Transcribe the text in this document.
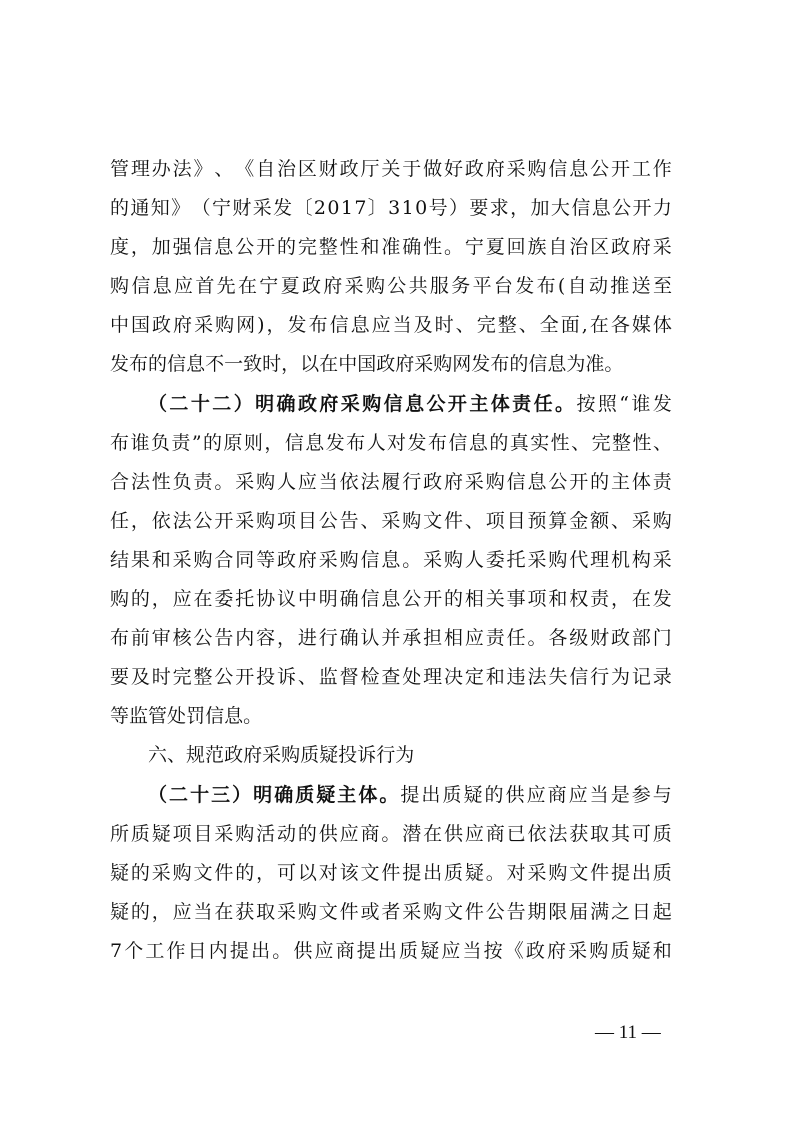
管 理 办 法 》 、 《 自 治 区 财 政 厅 关 于 做 好 政 府 采 购 信 息 公 开 工 作
的 通 知 》 （ 宁 财 采 发 〔 2 0 1 7 〕 3 1 0 号 ） 要 求 ， 加 大 信 息 公 开 力
度 ， 加 强 信 息 公 开 的 完 整 性 和 准 确 性 。 宁 夏 回 族 自 治 区 政 府 采
购 信 息 应 首 先 在 宁 夏 政 府 采 购 公 共 服 务 平 台 发 布 ( 自 动 推 送 至
中 国 政 府 采 购 网 ) ， 发 布 信 息 应 当 及 时 、 完 整 、 全 面 , 在 各 媒 体
发 布 的 信 息 不 一 致 时 ， 以 在 中 国 政 府 采 购 网 发 布 的 信 息 为 准 。
（ 二 十 二 ） 明 确 政 府 采 购 信 息 公 开 主 体 责 任 。 按 照 “ 谁 发
布 谁 负 责 ” 的 原 则 ， 信 息 发 布 人 对 发 布 信 息 的 真 实 性 、 完 整 性 、
合 法 性 负 责 。 采 购 人 应 当 依 法 履 行 政 府 采 购 信 息 公 开 的 主 体 责
任 ， 依 法 公 开 采 购 项 目 公 告 、 采 购 文 件 、 项 目 预 算 金 额 、 采 购
结 果 和 采 购 合 同 等 政 府 采 购 信 息 。 采 购 人 委 托 采 购 代 理 机 构 采
购 的 ， 应 在 委 托 协 议 中 明 确 信 息 公 开 的 相 关 事 项 和 权 责 ， 在 发
布 前 审 核 公 告 内 容 ， 进 行 确 认 并 承 担 相 应 责 任 。 各 级 财 政 部 门
要 及 时 完 整 公 开 投 诉 、 监 督 检 查 处 理 决 定 和 违 法 失 信 行 为 记 录
等 监 管 处 罚 信 息 。
六 、 规 范 政 府 采 购 质 疑 投 诉 行 为
（ 二 十 三 ） 明 确 质 疑 主 体 。 提 出 质 疑 的 供 应 商 应 当 是 参 与
所 质 疑 项 目 采 购 活 动 的 供 应 商 。 潜 在 供 应 商 已 依 法 获 取 其 可 质
疑 的 采 购 文 件 的 ， 可 以 对 该 文 件 提 出 质 疑 。 对 采 购 文 件 提 出 质
疑 的 ， 应 当 在 获 取 采 购 文 件 或 者 采 购 文 件 公 告 期 限 届 满 之 日 起
7 个 工 作 日 内 提 出 。 供 应 商 提 出 质 疑 应 当 按 《 政 府 采 购 质 疑 和
— 11 —
